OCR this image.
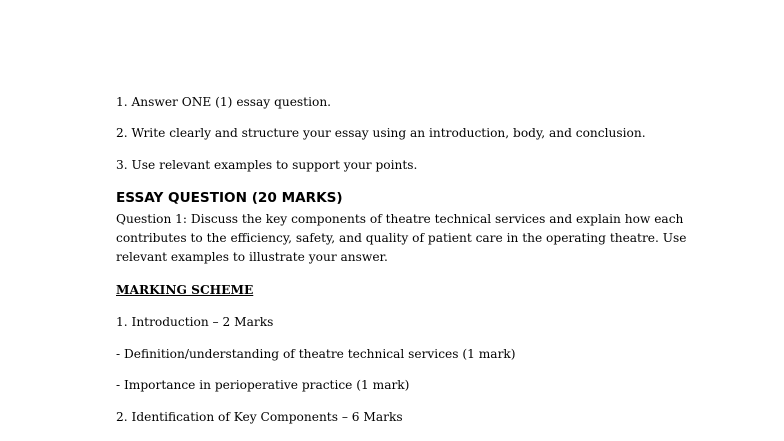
1. Answer ONE (1) essay question.

2. Write clearly and structure your essay using an introduction, body, and conclusion.

3. Use relevant examples to support your points.

ESSAY QUESTION (20 MARKS)
Question 1: Discuss the key components of theatre technical services and explain how each
contributes to the efficiency, safety, and quality of patient care in the operating theatre. Use
relevant examples to illustrate your answer.

MARKING SCHEME

1. Introduction – 2 Marks

- Definition/understanding of theatre technical services (1 mark)

- Importance in perioperative practice (1 mark)

2. Identification of Key Components – 6 Marks
